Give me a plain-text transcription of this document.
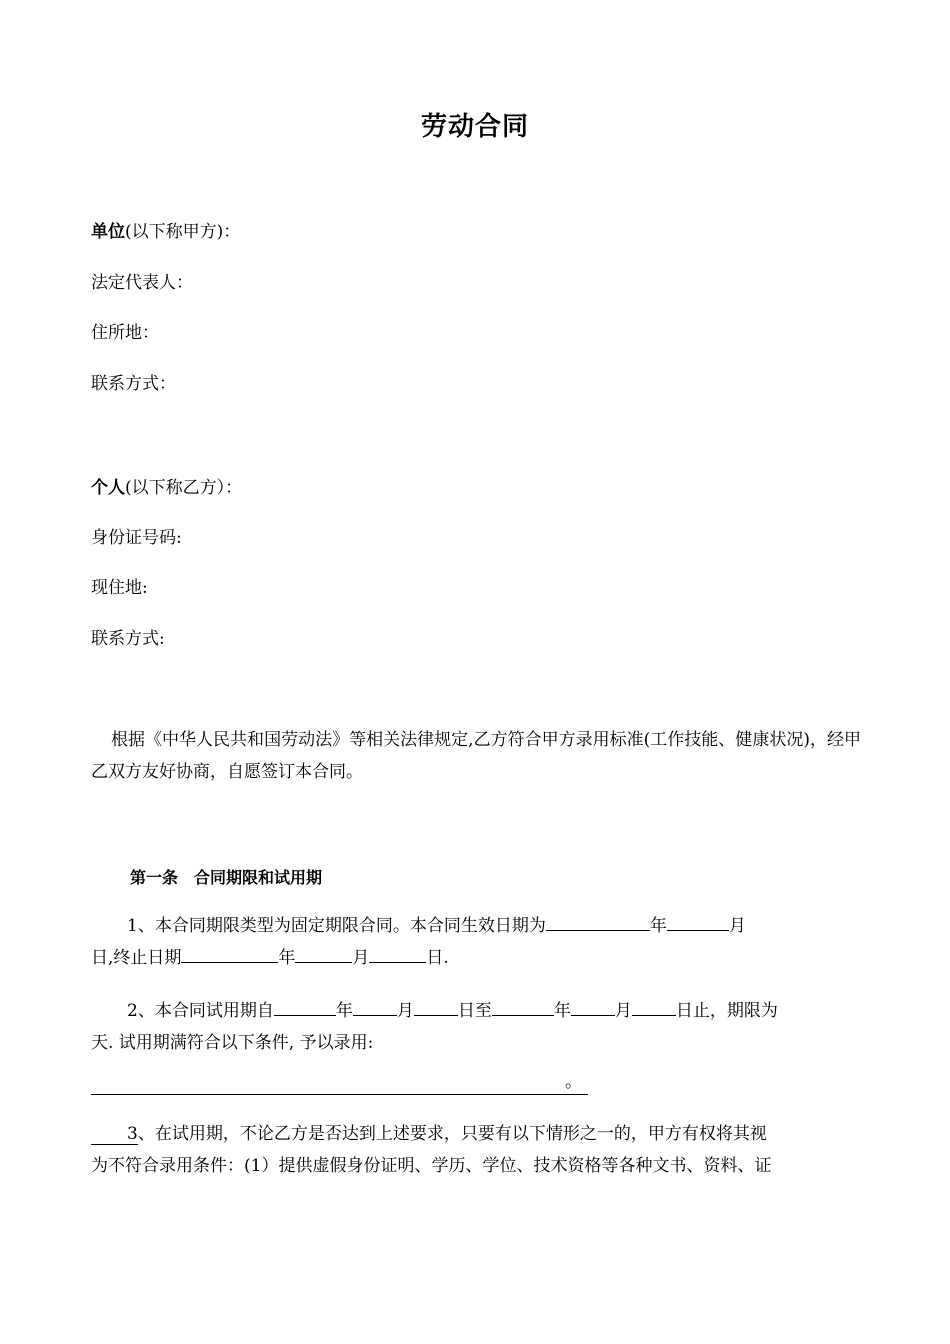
劳动合同
单位(以下称甲方)：
法定代表人：
住所地：
联系方式：
个人(以下称乙方）：
身份证号码:
现住地:
联系方式:
根据《中华人民共和国劳动法》等相关法律规定,乙方符合甲方录用标准(工作技能、健康状况)，经甲乙双方友好协商，自愿签订本合同。
第一条　合同期限和试用期
1、本合同期限类型为固定期限合同。本合同生效日期为	年	月
日,终止日期	年	月	日.
2、本合同试用期自	年	月	日至	年	月	日止，期限为
天. 试用期满符合以下条件, 予以录用:
。
3、在试用期，不论乙方是否达到上述要求，只要有以下情形之一的，甲方有权将其视
为不符合录用条件：(1）提供虚假身份证明、学历、学位、技术资格等各种文书、资料、证
